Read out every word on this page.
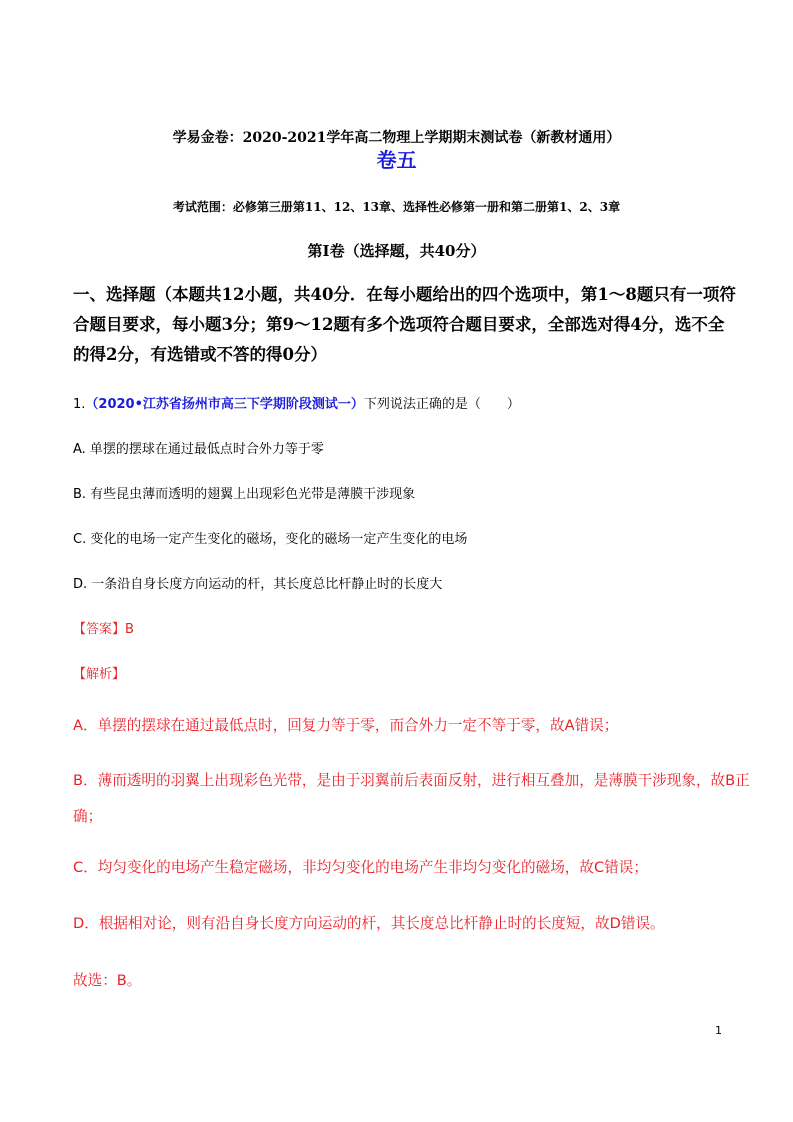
学易金卷：2020-2021学年高二物理上学期期末测试卷（新教材通用）
卷五
考试范围：必修第三册第11、12、13章、选择性必修第一册和第二册第1、2、3章
第Ⅰ卷（选择题，共40分）
一、选择题（本题共12小题，共40分．在每小题给出的四个选项中，第1～8题只有一项符
合题目要求，每小题3分；第9～12题有多个选项符合题目要求，全部选对得4分，选不全
的得2分，有选错或不答的得0分）
1.（2020•江苏省扬州市高三下学期阶段测试一）下列说法正确的是（　　）
A. 单摆的摆球在通过最低点时合外力等于零
B. 有些昆虫薄而透明的翅翼上出现彩色光带是薄膜干涉现象
C. 变化的电场一定产生变化的磁场，变化的磁场一定产生变化的电场
D. 一条沿自身长度方向运动的杆，其长度总比杆静止时的长度大
【答案】B
【解析】
A．单摆的摆球在通过最低点时，回复力等于零，而合外力一定不等于零，故A错误；
B．薄而透明的羽翼上出现彩色光带，是由于羽翼前后表面反射，进行相互叠加，是薄膜干涉现象，故B正
确；
C．均匀变化的电场产生稳定磁场，非均匀变化的电场产生非均匀变化的磁场，故C错误；
D．根据相对论，则有沿自身长度方向运动的杆，其长度总比杆静止时的长度短，故D错误。
故选：B。
1
